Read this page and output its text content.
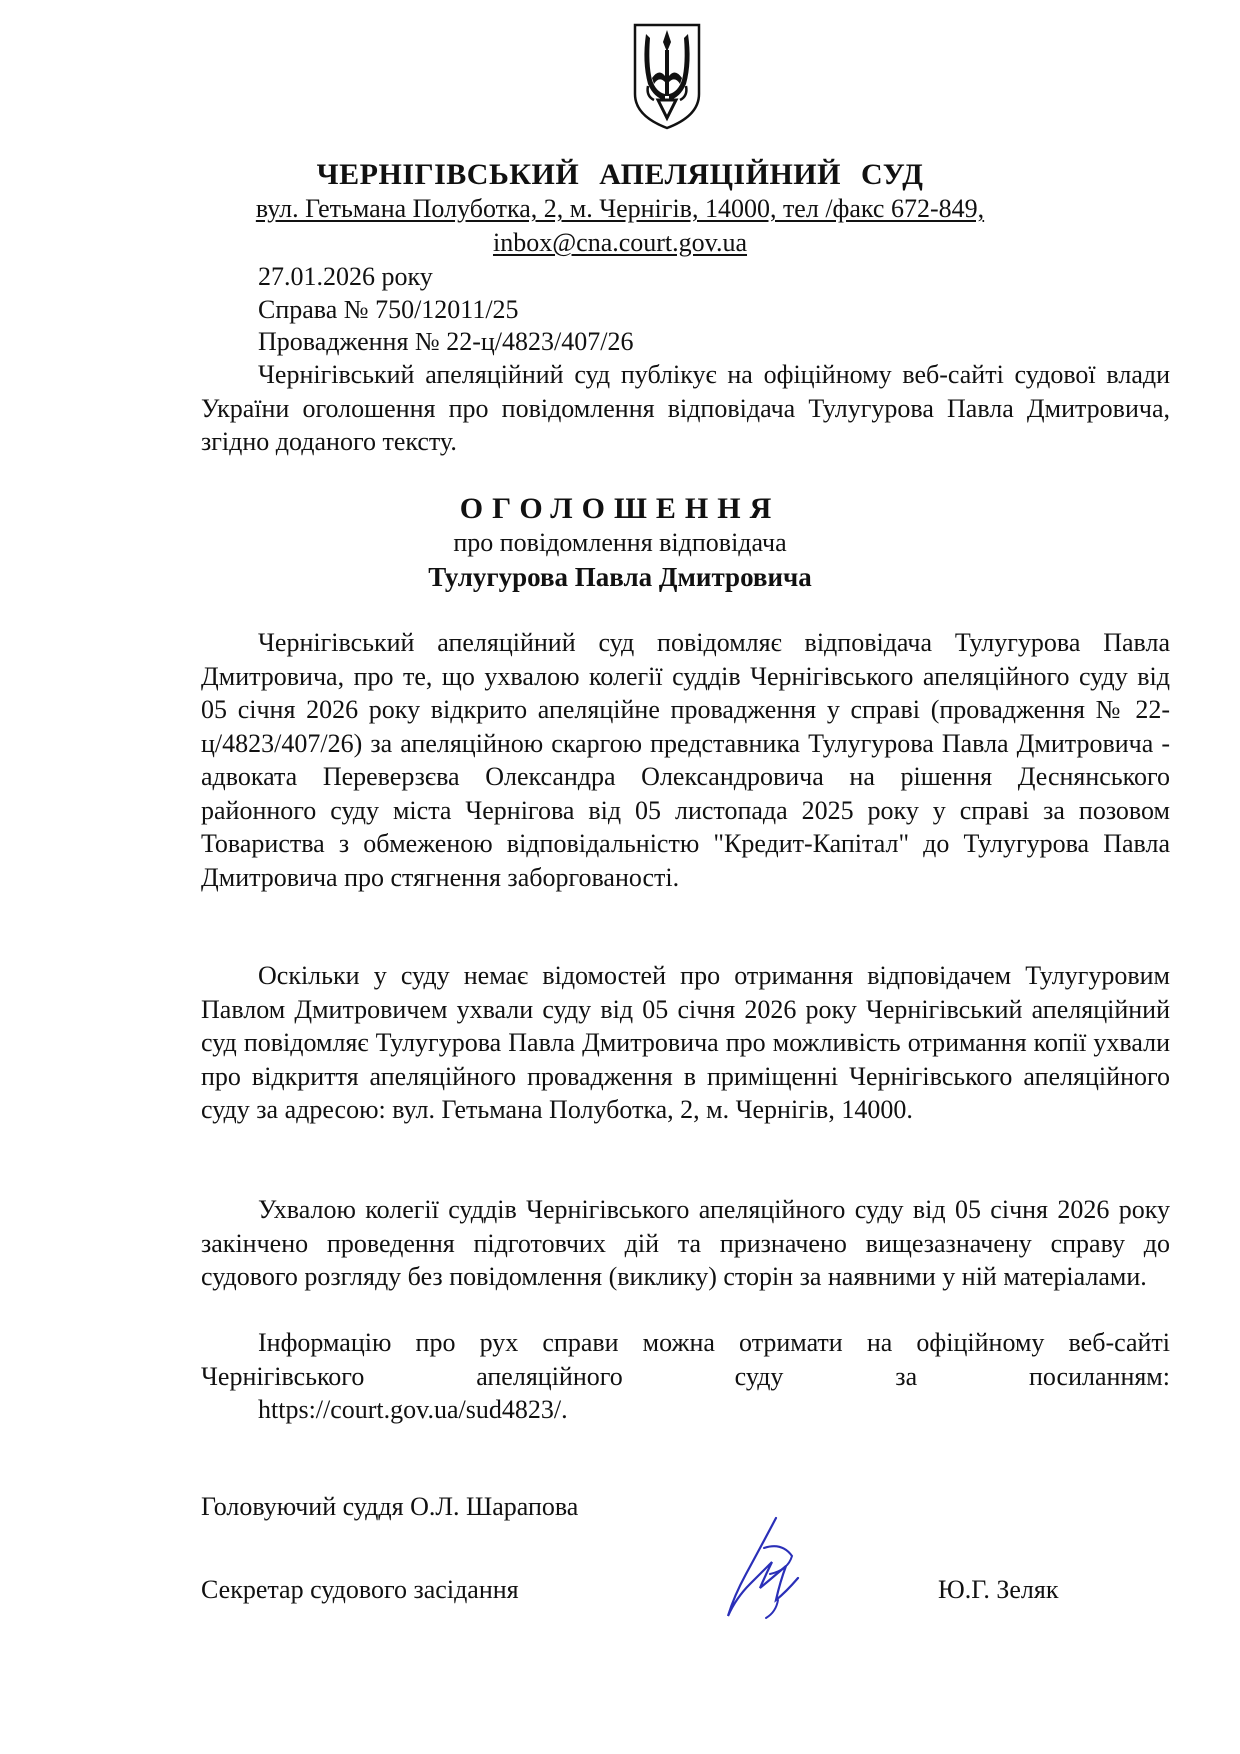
ЧЕРНІГІВСЬКИЙ АПЕЛЯЦІЙНИЙ СУД
вул. Гетьмана Полуботка, 2, м. Чернігів, 14000, тел /факс 672-849,
inbox@cna.court.gov.ua
27.01.2026 року
Справа № 750/12011/25
Провадження № 22-ц/4823/407/26

Чернігівський апеляційний суд публікує на офіційному веб-сайті судової влади України оголошення про повідомлення відповідача Тулугурова Павла Дмитровича, згідно доданого тексту.

ОГОЛОШЕННЯ
про повідомлення відповідача
Тулугурова Павла Дмитровича

Чернігівський апеляційний суд повідомляє відповідача Тулугурова Павла Дмитровича, про те, що ухвалою колегії суддів Чернігівського апеляційного суду від 05 січня 2026 року відкрито апеляційне провадження у справі (провадження № 22-ц/4823/407/26) за апеляційною скаргою представника Тулугурова Павла Дмитровича - адвоката Переверзєва Олександра Олександровича на рішення Деснянського районного суду міста Чернігова від 05 листопада 2025 року у справі за позовом Товариства з обмеженою відповідальністю "Кредит-Капітал" до Тулугурова Павла Дмитровича про стягнення заборгованості.

Оскільки у суду немає відомостей про отримання відповідачем Тулугуровим Павлом Дмитровичем ухвали суду від 05 січня 2026 року Чернігівський апеляційний суд повідомляє Тулугурова Павла Дмитровича про можливість отримання копії ухвали про відкриття апеляційного провадження в приміщенні Чернігівського апеляційного суду за адресою: вул. Гетьмана Полуботка, 2, м. Чернігів, 14000.

Ухвалою колегії суддів Чернігівського апеляційного суду від 05 січня 2026 року закінчено проведення підготовчих дій та призначено вищезазначену справу до судового розгляду без повідомлення (виклику) сторін за наявними у ній матеріалами.

Інформацію про рух справи можна отримати на офіційному веб-сайті Чернігівського апеляційного суду за посиланням:
https://court.gov.ua/sud4823/.
Головуючий суддя О.Л. Шарапова
Секретар судового засідання	Ю.Г. Зеляк
